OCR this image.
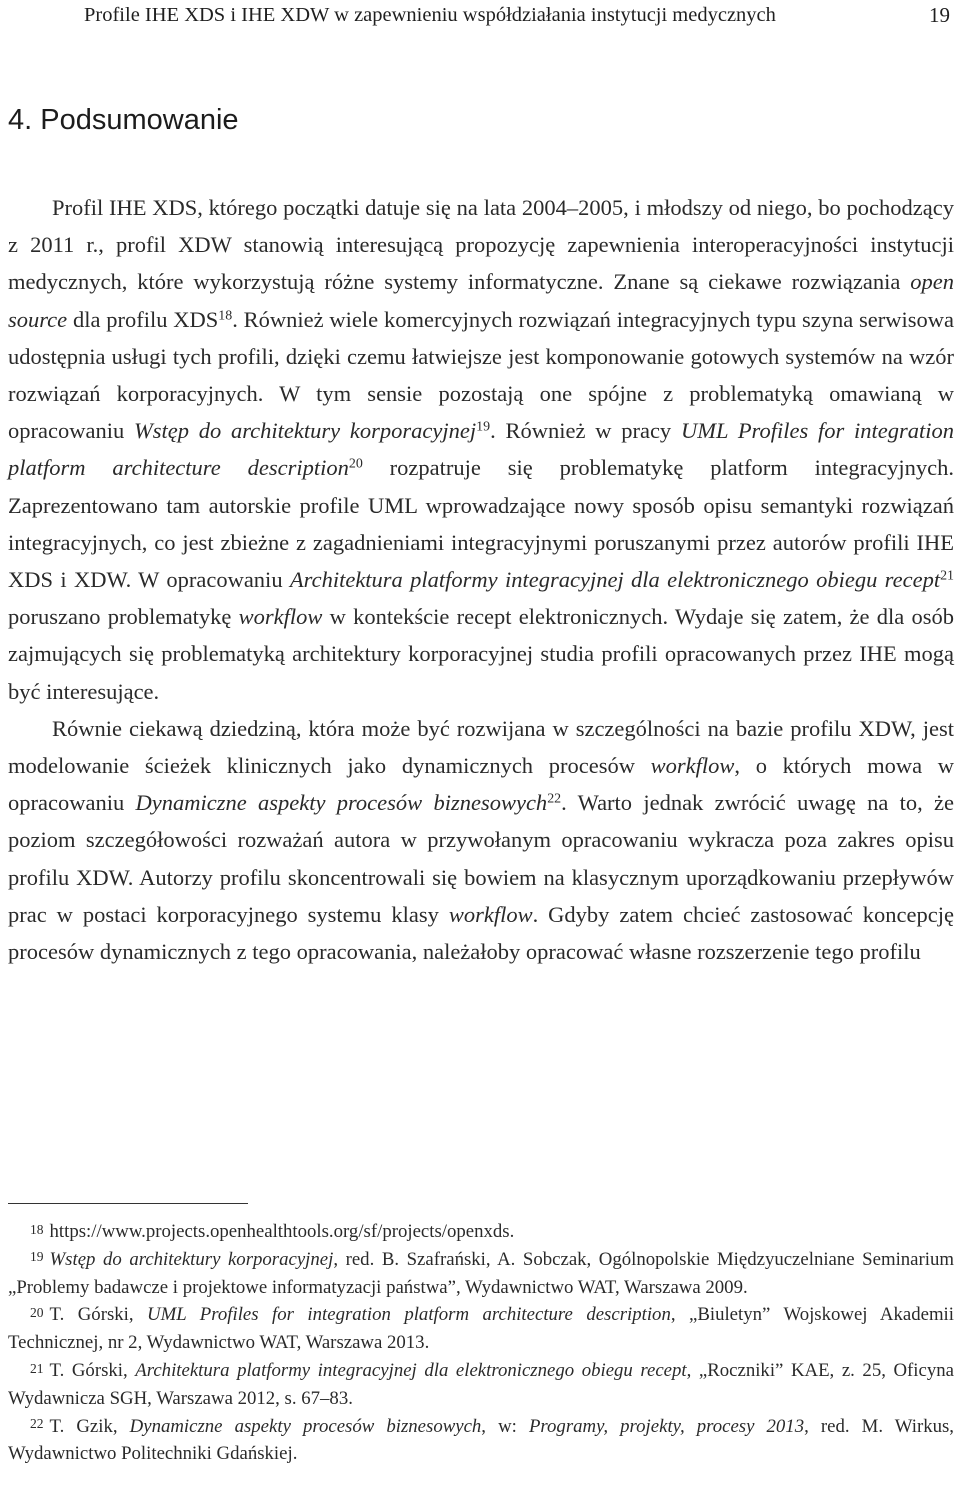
Profile IHE XDS i IHE XDW w zapewnieniu współdziałania instytucji medycznych	19
4. Podsumowanie

Profil IHE XDS, którego początki datuje się na lata 2004–2005, i młodszy od niego, bo pochodzący z 2011 r., profil XDW stanowią interesującą propozycję zapewnienia interoperacyjności instytucji medycznych, które wykorzystują różne systemy informatyczne. Znane są ciekawe rozwiązania open source dla profilu XDS$^{18}$. Również wiele komercyjnych rozwiązań integracyjnych typu szyna serwisowa udostępnia usługi tych profili, dzięki czemu łatwiejsze jest komponowanie gotowych systemów na wzór rozwiązań korporacyjnych. W tym sensie pozostają one spójne z problematyką omawianą w opracowaniu Wstęp do architektury korporacyjnej$^{19}$. Również w pracy UML Profiles for integration platform architecture description$^{20}$ rozpatruje się problematykę platform integracyjnych. Zaprezentowano tam autorskie profile UML wprowadzające nowy sposób opisu semantyki rozwiązań integracyjnych, co jest zbieżne z zagadnieniami integracyjnymi poruszanymi przez autorów profili IHE XDS i XDW. W opracowaniu Architektura platformy integracyjnej dla elektronicznego obiegu recept$^{21}$ poruszano problematykę workflow w kontekście recept elektronicznych. Wydaje się zatem, że dla osób zajmujących się problematyką architektury korporacyjnej studia profili opracowanych przez IHE mogą być interesujące.

Równie ciekawą dziedziną, która może być rozwijana w szczególności na bazie profilu XDW, jest modelowanie ścieżek klinicznych jako dynamicznych procesów workflow, o których mowa w opracowaniu Dynamiczne aspekty procesów biznesowych$^{22}$. Warto jednak zwrócić uwagę na to, że poziom szczegółowości rozważań autora w przywołanym opracowaniu wykracza poza zakres opisu profilu XDW. Autorzy profilu skoncentrowali się bowiem na klasycznym uporządkowaniu przepływów prac w postaci korporacyjnego systemu klasy workflow. Gdyby zatem chcieć zastosować koncepcję procesów dynamicznych z tego opracowania, należałoby opracować własne rozszerzenie tego profilu

18 https://www.projects.openhealthtools.org/sf/projects/openxds.

19 Wstęp do architektury korporacyjnej, red. B. Szafrański, A. Sobczak, Ogólnopolskie Międzyuczelniane Seminarium „Problemy badawcze i projektowe informatyzacji państwa”, Wydawnictwo WAT, Warszawa 2009.

20 T. Górski, UML Profiles for integration platform architecture description, „Biuletyn” Wojskowej Akademii Technicznej, nr 2, Wydawnictwo WAT, Warszawa 2013.

21 T. Górski, Architektura platformy integracyjnej dla elektronicznego obiegu recept, „Roczniki” KAE, z. 25, Oficyna Wydawnicza SGH, Warszawa 2012, s. 67–83.

22 T. Gzik, Dynamiczne aspekty procesów biznesowych, w: Programy, projekty, procesy 2013, red. M. Wirkus, Wydawnictwo Politechniki Gdańskiej.
